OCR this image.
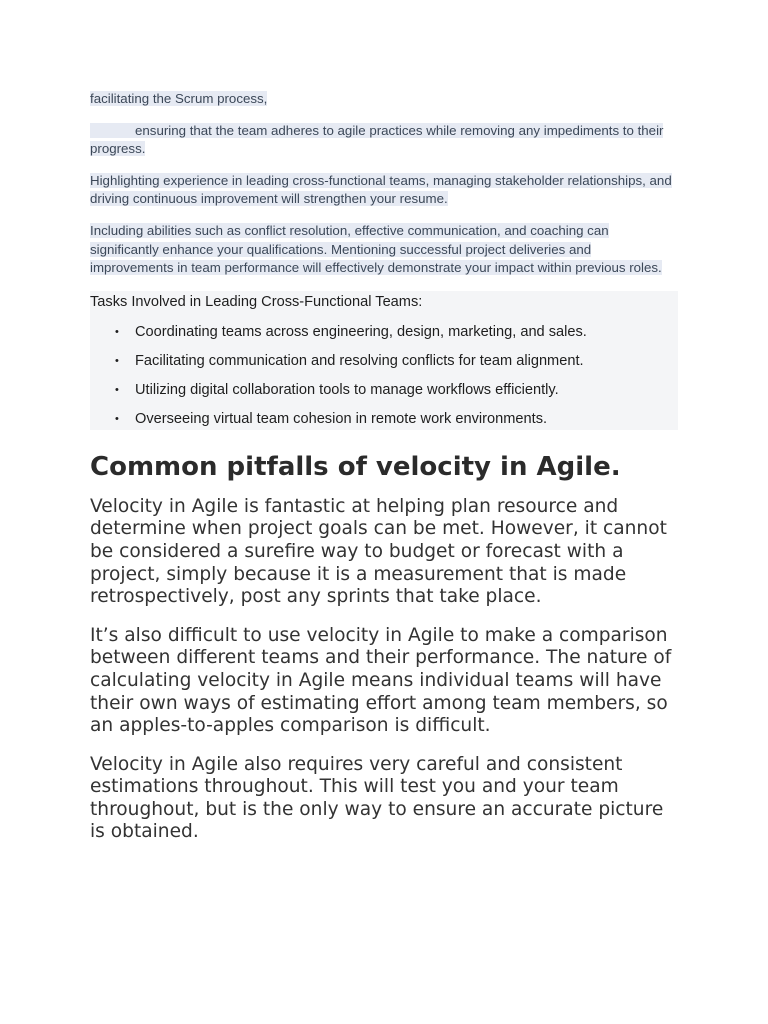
facilitating the Scrum process,

ensuring that the team adheres to agile practices while removing any impediments to their progress.

Highlighting experience in leading cross-functional teams, managing stakeholder relationships, and driving continuous improvement will strengthen your resume.

Including abilities such as conflict resolution, effective communication, and coaching can significantly enhance your qualifications. Mentioning successful project deliveries and improvements in team performance will effectively demonstrate your impact within previous roles.

Tasks Involved in Leading Cross-Functional Teams:

• Coordinating teams across engineering, design, marketing, and sales.
• Facilitating communication and resolving conflicts for team alignment.
• Utilizing digital collaboration tools to manage workflows efficiently.
• Overseeing virtual team cohesion in remote work environments.
Common pitfalls of velocity in Agile.

Velocity in Agile is fantastic at helping plan resource and determine when project goals can be met. However, it cannot be considered a surefire way to budget or forecast with a project, simply because it is a measurement that is made retrospectively, post any sprints that take place.

It’s also difficult to use velocity in Agile to make a comparison between different teams and their performance. The nature of calculating velocity in Agile means individual teams will have their own ways of estimating effort among team members, so an apples-to-apples comparison is difficult.

Velocity in Agile also requires very careful and consistent estimations throughout. This will test you and your team throughout, but is the only way to ensure an accurate picture is obtained.
